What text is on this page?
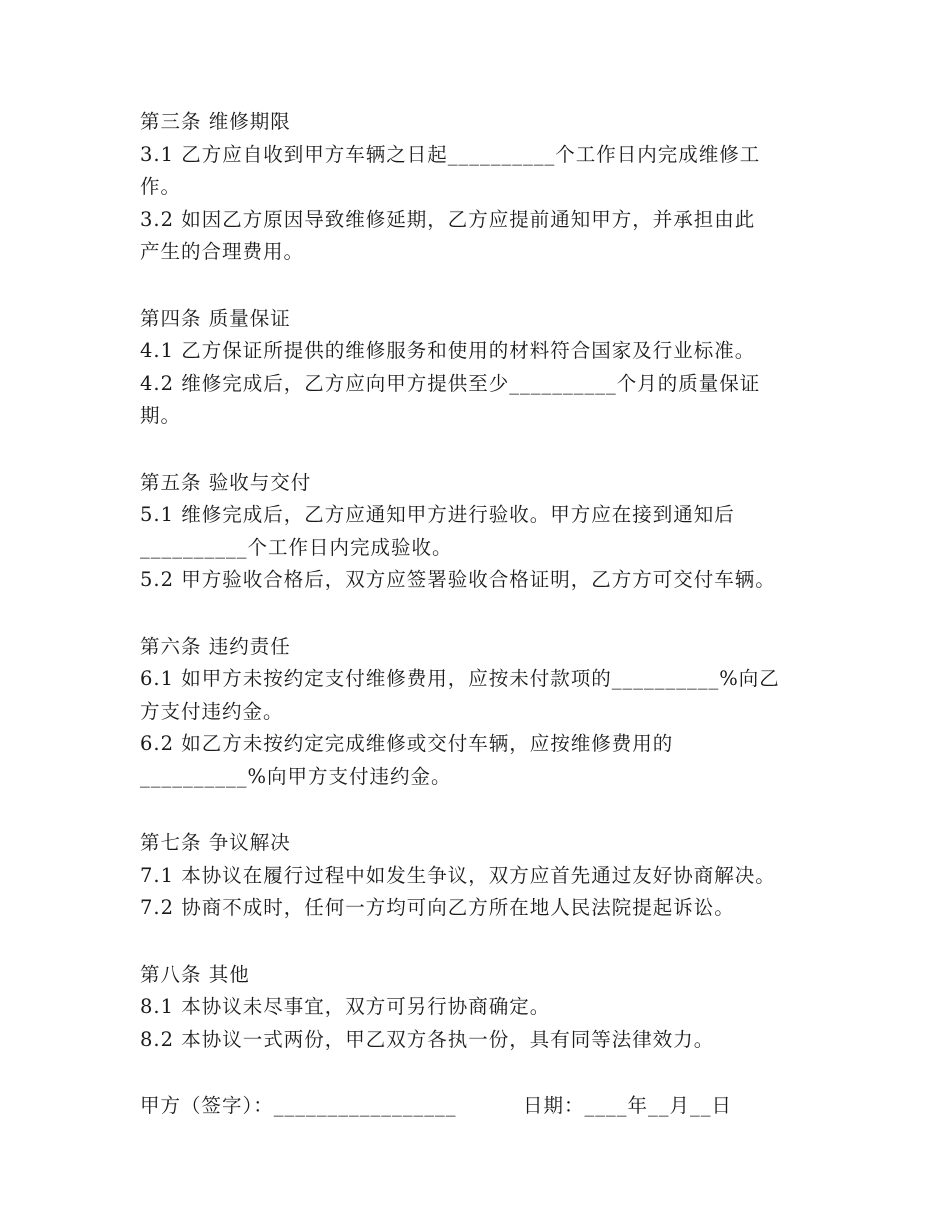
第三条 维修期限
3.1 乙方应自收到甲方车辆之日起__________个工作日内完成维修工
作。
3.2 如因乙方原因导致维修延期，乙方应提前通知甲方，并承担由此
产生的合理费用。
第四条 质量保证
4.1 乙方保证所提供的维修服务和使用的材料符合国家及行业标准。
4.2 维修完成后，乙方应向甲方提供至少__________个月的质量保证
期。
第五条 验收与交付
5.1 维修完成后，乙方应通知甲方进行验收。甲方应在接到通知后
__________个工作日内完成验收。
5.2 甲方验收合格后，双方应签署验收合格证明，乙方方可交付车辆。
第六条 违约责任
6.1 如甲方未按约定支付维修费用，应按未付款项的__________%向乙
方支付违约金。
6.2 如乙方未按约定完成维修或交付车辆，应按维修费用的
__________%向甲方支付违约金。
第七条 争议解决
7.1 本协议在履行过程中如发生争议，双方应首先通过友好协商解决。
7.2 协商不成时，任何一方均可向乙方所在地人民法院提起诉讼。
第八条 其他
8.1 本协议未尽事宜，双方可另行协商确定。
8.2 本协议一式两份，甲乙双方各执一份，具有同等法律效力。
甲方（签字）：_________________	日期：____年__月__日
